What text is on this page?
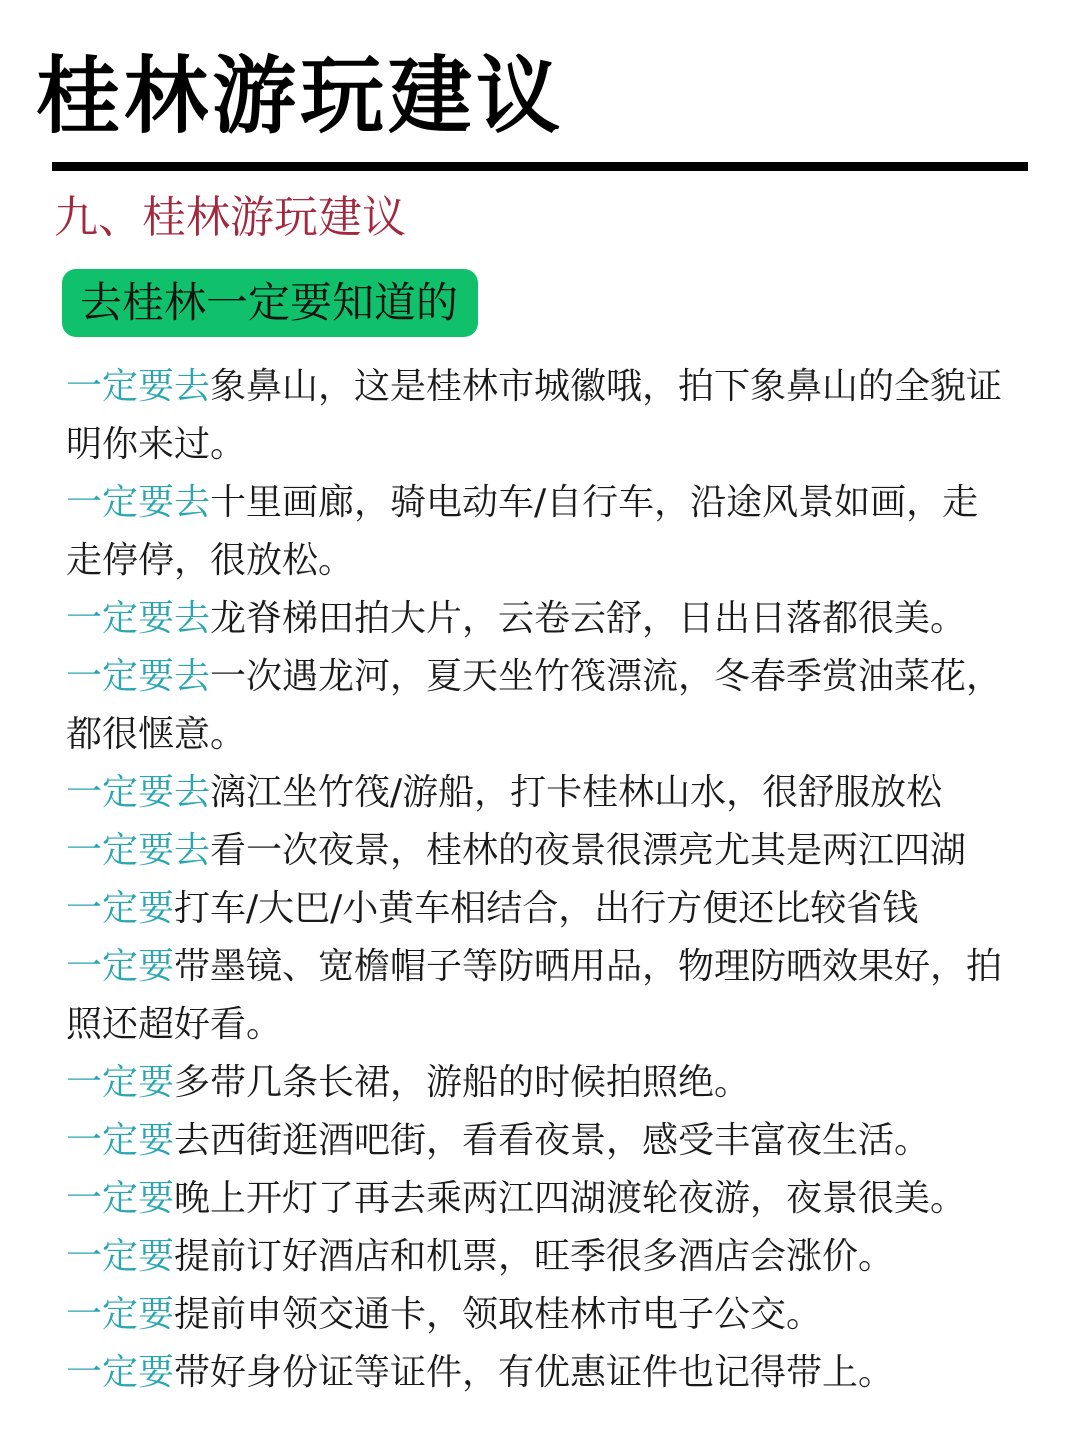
桂林游玩建议
九、桂林游玩建议
去桂林一定要知道的

一定要去象鼻山，这是桂林市城徽哦，拍下象鼻山的全貌证明你来过。

一定要去十里画廊，骑电动车/自行车，沿途风景如画，走走停停，很放松。

一定要去龙脊梯田拍大片，云卷云舒，日出日落都很美。

一定要去一次遇龙河，夏天坐竹筏漂流，冬春季赏油菜花，都很惬意。

一定要去漓江坐竹筏/游船，打卡桂林山水，很舒服放松

一定要去看一次夜景，桂林的夜景很漂亮尤其是两江四湖

一定要打车/大巴/小黄车相结合，出行方便还比较省钱

一定要带墨镜、宽檐帽子等防晒用品，物理防晒效果好，拍照还超好看。

一定要多带几条长裙，游船的时候拍照绝。

一定要去西街逛酒吧街，看看夜景，感受丰富夜生活。

一定要晚上开灯了再去乘两江四湖渡轮夜游，夜景很美。

一定要提前订好酒店和机票，旺季很多酒店会涨价。

一定要提前申领交通卡，领取桂林市电子公交。

一定要带好身份证等证件，有优惠证件也记得带上。
